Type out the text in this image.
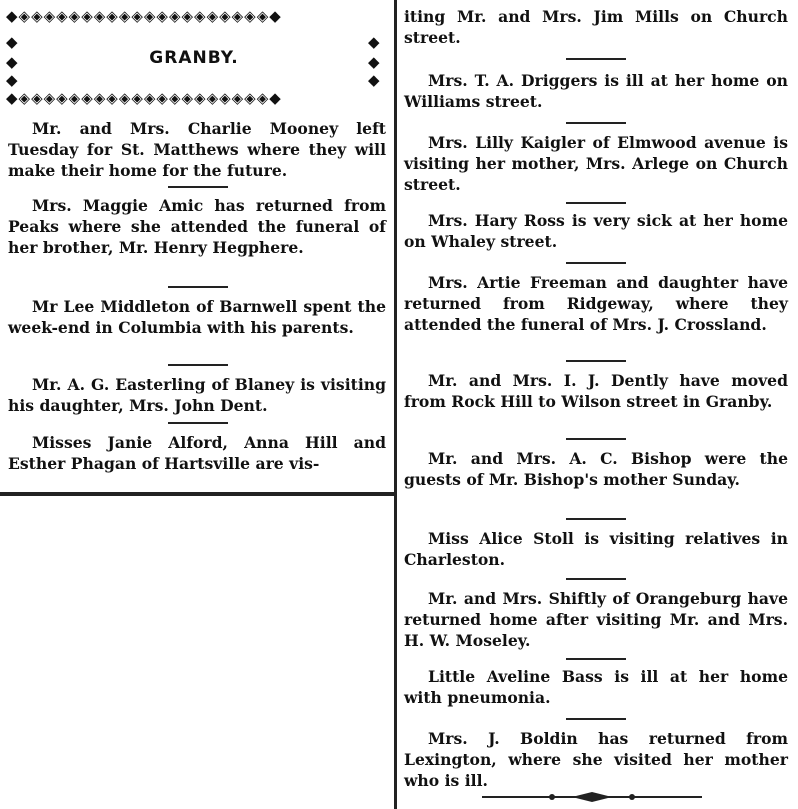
◆◈◈◈◈◈◈◈◈◈◈◈◈◈◈◈◈◈◈◈◈◆
◆
◆
◆
◆
◆
◆
GRANBY.
◆◈◈◈◈◈◈◈◈◈◈◈◈◈◈◈◈◈◈◈◈◆
Mr. and Mrs. Charlie Mooney left Tuesday for St. Matthews where they will make their home for the future.
Mrs. Maggie Amic has returned from Peaks where she attended the funeral of her brother, Mr. Henry Hegphere.
Mr Lee Middleton of Barnwell spent the week-end in Columbia with his parents.
Mr. A. G. Easterling of Blaney is visiting his daughter, Mrs. John Dent.
Misses Janie Alford, Anna Hill and Esther Phagan of Hartsville are vis-
iting Mr. and Mrs. Jim Mills on Church street.
Mrs. T. A. Driggers is ill at her home on Williams street.
Mrs. Lilly Kaigler of Elmwood avenue is visiting her mother, Mrs. Arlege on Church street.
Mrs. Hary Ross is very sick at her home on Whaley street.
Mrs. Artie Freeman and daughter have returned from Ridgeway, where they attended the funeral of Mrs. J. Crossland.
Mr. and Mrs. I. J. Dently have moved from Rock Hill to Wilson street in Granby.
Mr. and Mrs. A. C. Bishop were the guests of Mr. Bishop's mother Sunday.
Miss Alice Stoll is visiting relatives in Charleston.
Mr. and Mrs. Shiftly of Orangeburg have returned home after visiting Mr. and Mrs. H. W. Moseley.
Little Aveline Bass is ill at her home with pneumonia.
Mrs. J. Boldin has returned from Lexington, where she visited her mother who is ill.
